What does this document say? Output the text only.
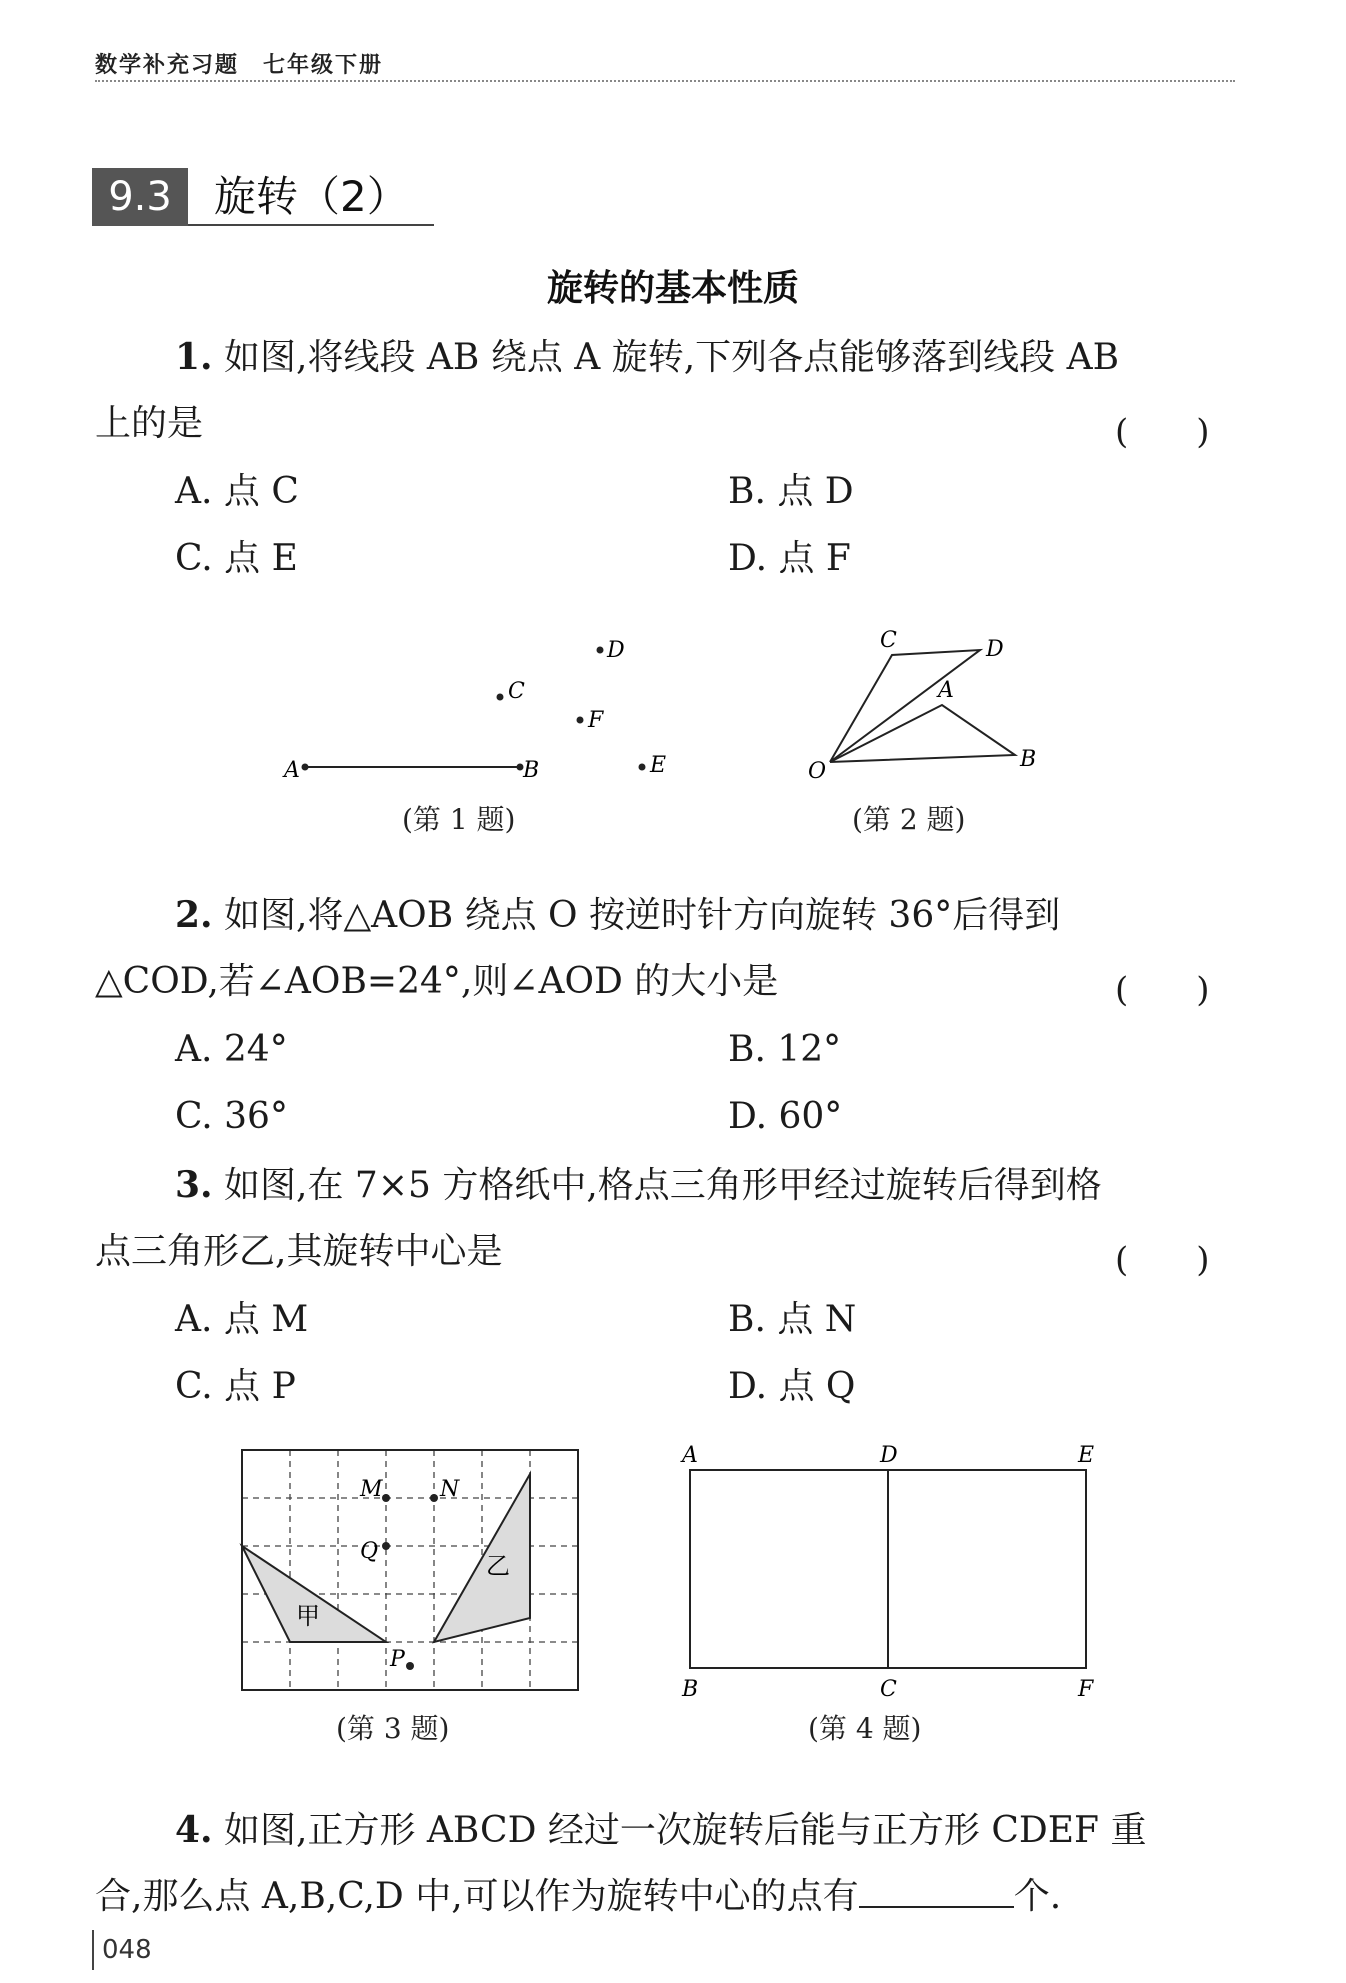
数学补充习题　七年级下册
9.3	旋转（2）
旋转的基本性质
1. 如图,将线段 AB 绕点 A 旋转,下列各点能够落到线段 AB
上的是	(　　)
A. 点 C	B. 点 D
C. 点 E	D. 点 F
A	B
C
D
E
F
(第 1 题)
O
A
B
C	D
(第 2 题)
2. 如图,将△AOB 绕点 O 按逆时针方向旋转 36°后得到
△COD,若∠AOB=24°,则∠AOD 的大小是	(　　)
A. 24°	B. 12°
C. 36°	D. 60°
3. 如图,在 7×5 方格纸中,格点三角形甲经过旋转后得到格
点三角形乙,其旋转中心是	(　　)
A. 点 M	B. 点 N
C. 点 P	D. 点 Q
M	N
Q
P
甲
乙
(第 3 题)
A	D	E
B	C	F
(第 4 题)
4. 如图,正方形 ABCD 经过一次旋转后能与正方形 CDEF 重
合,那么点 A,B,C,D 中,可以作为旋转中心的点有	个.
048
